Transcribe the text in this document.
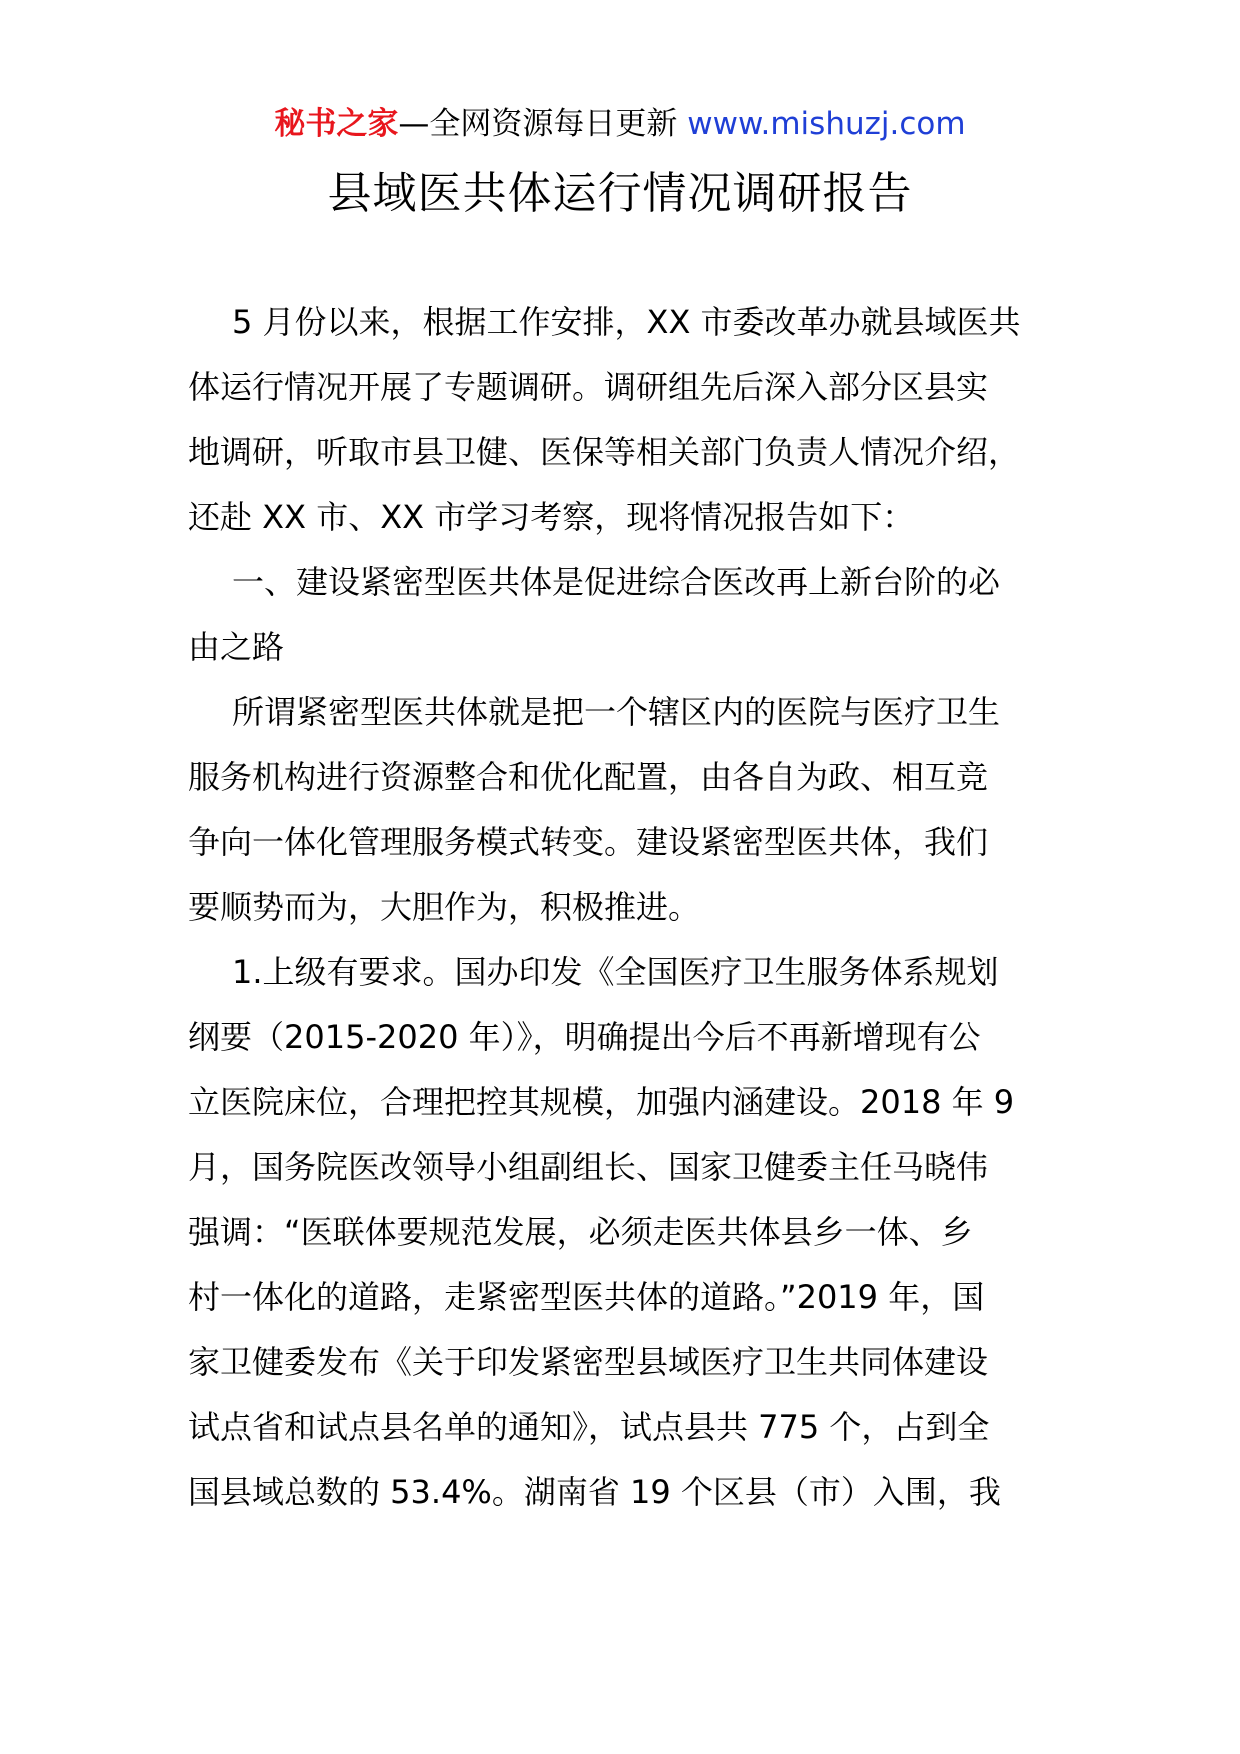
秘书之家—全网资源每日更新 www.mishuzj.com
县域医共体运行情况调研报告
5 月份以来，根据工作安排，XX 市委改革办就县域医共
体运行情况开展了专题调研。调研组先后深入部分区县实
地调研，听取市县卫健、医保等相关部门负责人情况介绍，
还赴 XX 市、XX 市学习考察，现将情况报告如下：
一、建设紧密型医共体是促进综合医改再上新台阶的必
由之路
所谓紧密型医共体就是把一个辖区内的医院与医疗卫生
服务机构进行资源整合和优化配置，由各自为政、相互竞
争向一体化管理服务模式转变。建设紧密型医共体，我们
要顺势而为，大胆作为，积极推进。
1.上级有要求。国办印发《全国医疗卫生服务体系规划
纲要（2015-2020 年）》，明确提出今后不再新增现有公
立医院床位，合理把控其规模，加强内涵建设。2018 年 9
月，国务院医改领导小组副组长、国家卫健委主任马晓伟
强调：“医联体要规范发展，必须走医共体县乡一体、乡
村一体化的道路，走紧密型医共体的道路。”2019 年，国
家卫健委发布《关于印发紧密型县域医疗卫生共同体建设
试点省和试点县名单的通知》，试点县共 775 个，占到全
国县域总数的 53.4%。湖南省 19 个区县（市）入围，我
